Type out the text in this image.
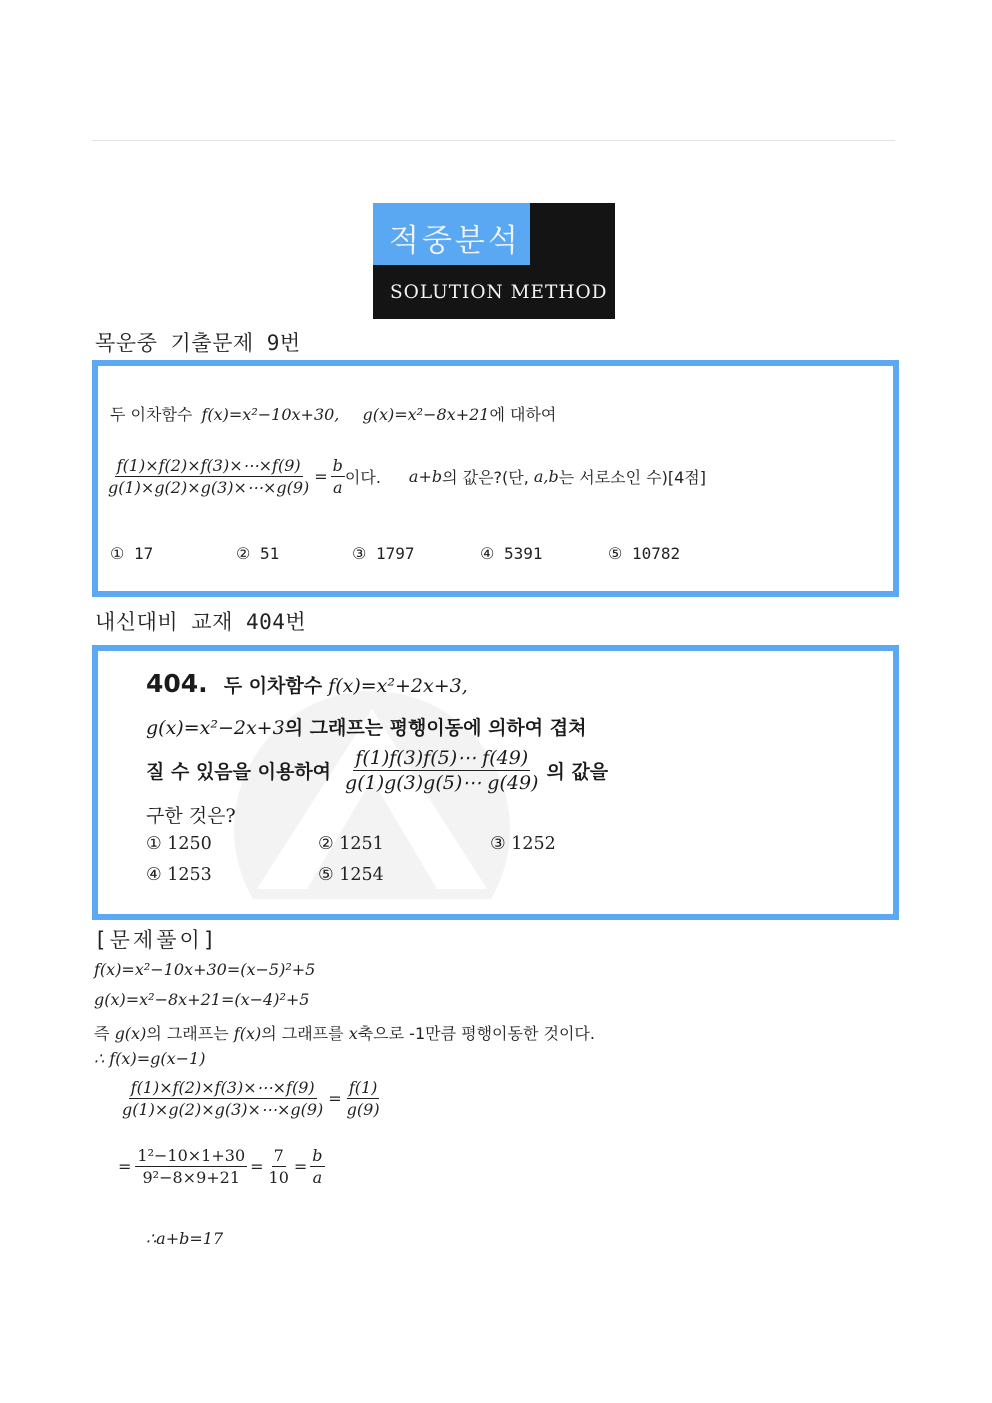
적중분석
SOLUTION METHOD
목운중 기출문제 9번
두 이차함수 f(x)=x²−10x+30, g(x)=x²−8x+21에 대하여
$\frac{f(1)\times f(2)\times f(3)\times\cdots\times f(9)}{g(1)\times g(2)\times g(3)\times\cdots\times g(9)} = \frac{b}{a}$ 이다. a+b 의 값은?(단, a,b 는 서로소인 수)[4점]
① 17	② 51	③ 1797	④ 5391	⑤ 10782
내신대비 교재 404번
404. 두 이차함수 f(x)=x²+2x+3,
g(x)=x²−2x+3의 그래프는 평행이동에 의하여 겹쳐
질 수 있음을 이용하여 $\frac{f(1)f(3)f(5)\cdots f(49)}{g(1)g(3)g(5)\cdots g(49)}$ 의 값을
구한 것은?
① 1250	② 1251	③ 1252
④ 1253	⑤ 1254
[문제풀이]
f(x)=x²−10x+30=(x−5)²+5
g(x)=x²−8x+21=(x−4)²+5
즉 g(x)의 그래프는 f(x)의 그래프를 x축으로 -1만큼 평행이동한 것이다.
∴ f(x)=g(x−1)
$\frac{f(1)\times f(2)\times f(3)\times\cdots\times f(9)}{g(1)\times g(2)\times g(3)\times\cdots\times g(9)} = \frac{f(1)}{g(9)}$
= $\frac{\text{1²−10×1+30}}{\text{9²−8×9+21}} = \frac{7}{10} = \frac{b}{a}$
∴a+b=17
